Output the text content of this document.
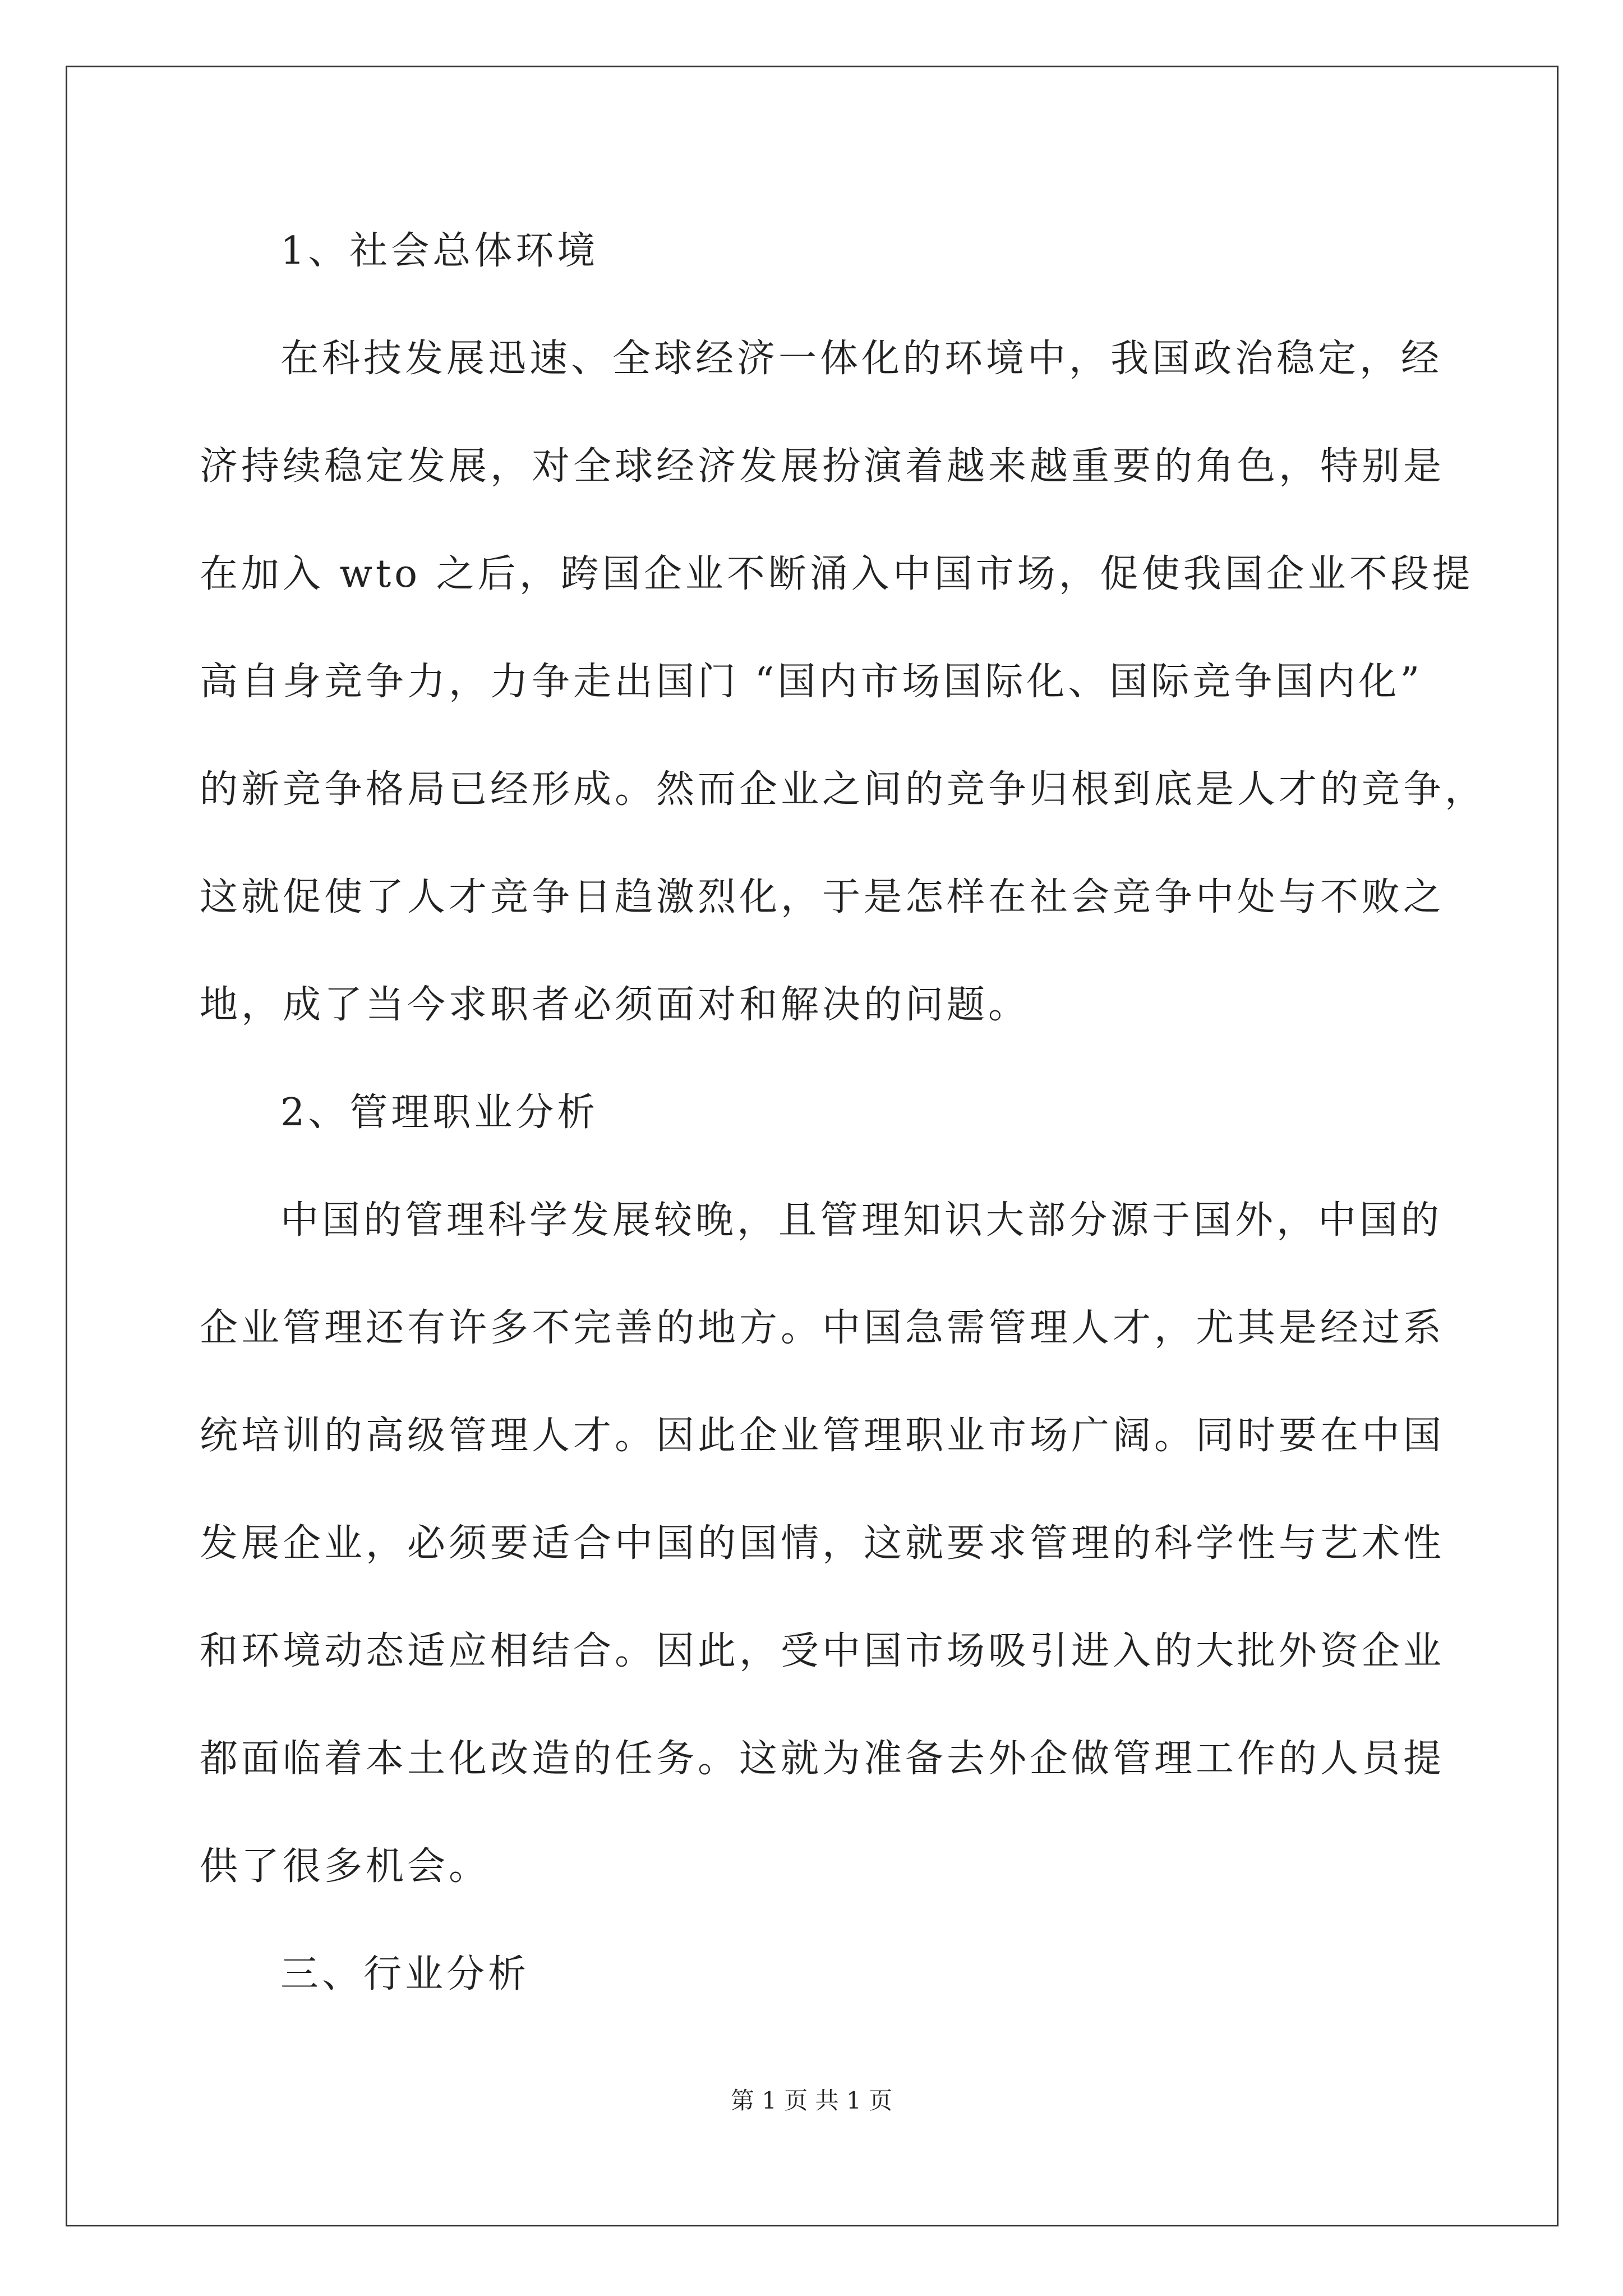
1、社会总体环境
在科技发展迅速、全球经济一体化的环境中，我国政治稳定，经
济持续稳定发展，对全球经济发展扮演着越来越重要的角色，特别是
在加入 wto 之后，跨国企业不断涌入中国市场，促使我国企业不段提
高自身竞争力，力争走出国门 “国内市场国际化、国际竞争国内化”
的新竞争格局已经形成。然而企业之间的竞争归根到底是人才的竞争，
这就促使了人才竞争日趋激烈化，于是怎样在社会竞争中处与不败之
地，成了当今求职者必须面对和解决的问题。
2、管理职业分析
中国的管理科学发展较晚，且管理知识大部分源于国外，中国的
企业管理还有许多不完善的地方。中国急需管理人才，尤其是经过系
统培训的高级管理人才。因此企业管理职业市场广阔。同时要在中国
发展企业，必须要适合中国的国情，这就要求管理的科学性与艺术性
和环境动态适应相结合。因此，受中国市场吸引进入的大批外资企业
都面临着本土化改造的任务。这就为准备去外企做管理工作的人员提
供了很多机会。
三、行业分析
第 1 页 共 1 页
